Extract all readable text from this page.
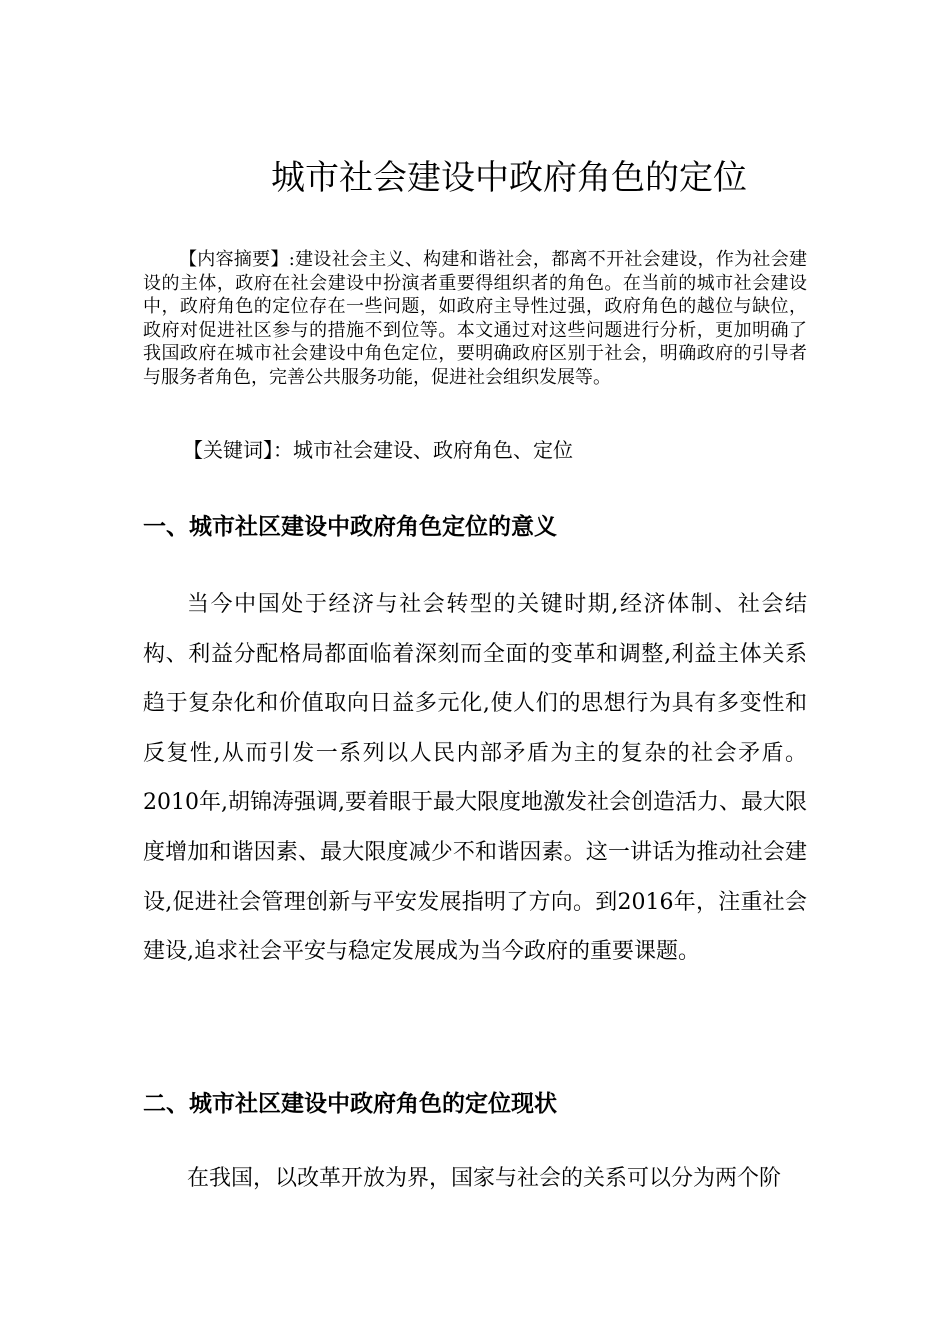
城市社会建设中政府角色的定位

【内容摘要】:建设社会主义、构建和谐社会，都离不开社会建设，作为社会建设的主体，政府在社会建设中扮演者重要得组织者的角色。在当前的城市社会建设中，政府角色的定位存在一些问题，如政府主导性过强，政府角色的越位与缺位，政府对促进社区参与的措施不到位等。本文通过对这些问题进行分析，更加明确了我国政府在城市社会建设中角色定位，要明确政府区别于社会，明确政府的引导者与服务者角色，完善公共服务功能，促进社会组织发展等。

【关键词】：城市社会建设、政府角色、定位

一、城市社区建设中政府角色定位的意义

当今中国处于经济与社会转型的关键时期,经济体制、社会结构、利益分配格局都面临着深刻而全面的变革和调整,利益主体关系趋于复杂化和价值取向日益多元化,使人们的思想行为具有多变性和反复性,从而引发一系列以人民内部矛盾为主的复杂的社会矛盾。2010年,胡锦涛强调,要着眼于最大限度地激发社会创造活力、最大限度增加和谐因素、最大限度减少不和谐因素。这一讲话为推动社会建设,促进社会管理创新与平安发展指明了方向。到2016年，注重社会建设,追求社会平安与稳定发展成为当今政府的重要课题。

二、城市社区建设中政府角色的定位现状

在我国，以改革开放为界，国家与社会的关系可以分为两个阶
